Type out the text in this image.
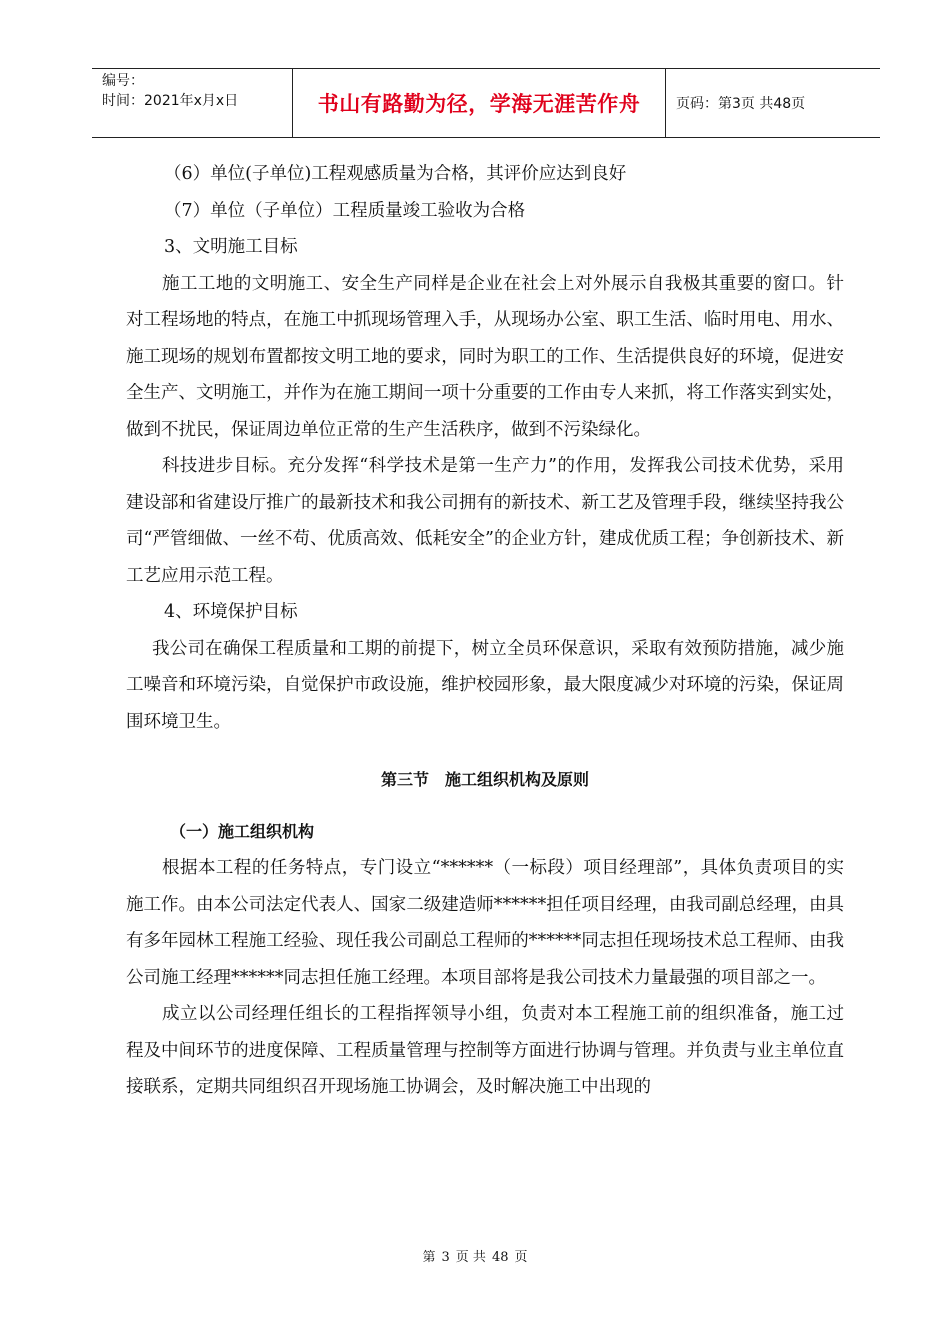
编号：
时间：2021年x月x日	书山有路勤为径，学海无涯苦作舟	页码：第3页 共48页

（6）单位(子单位)工程观感质量为合格，其评价应达到良好

（7）单位（子单位）工程质量竣工验收为合格

3、文明施工目标

施工工地的文明施工、安全生产同样是企业在社会上对外展示自我极其重要的窗口。针对工程场地的特点，在施工中抓现场管理入手，从现场办公室、职工生活、临时用电、用水、施工现场的规划布置都按文明工地的要求，同时为职工的工作、生活提供良好的环境，促进安全生产、文明施工，并作为在施工期间一项十分重要的工作由专人来抓，将工作落实到实处，做到不扰民，保证周边单位正常的生产生活秩序，做到不污染绿化。

科技进步目标。充分发挥“科学技术是第一生产力”的作用，发挥我公司技术优势，采用建设部和省建设厅推广的最新技术和我公司拥有的新技术、新工艺及管理手段，继续坚持我公司“严管细做、一丝不苟、优质高效、低耗安全”的企业方针，建成优质工程；争创新技术、新工艺应用示范工程。

4、环境保护目标

我公司在确保工程质量和工期的前提下，树立全员环保意识，采取有效预防措施，减少施工噪音和环境污染，自觉保护市政设施，维护校园形象，最大限度减少对环境的污染，保证周围环境卫生。

第三节　施工组织机构及原则

（一）施工组织机构

根据本工程的任务特点，专门设立“******（一标段）项目经理部”，具体负责项目的实施工作。由本公司法定代表人、国家二级建造师******担任项目经理，由我司副总经理，由具有多年园林工程施工经验、现任我公司副总工程师的******同志担任现场技术总工程师、由我公司施工经理******同志担任施工经理。本项目部将是我公司技术力量最强的项目部之一。

成立以公司经理任组长的工程指挥领导小组，负责对本工程施工前的组织准备，施工过程及中间环节的进度保障、工程质量管理与控制等方面进行协调与管理。并负责与业主单位直接联系，定期共同组织召开现场施工协调会，及时解决施工中出现的

第 3 页 共 48 页
